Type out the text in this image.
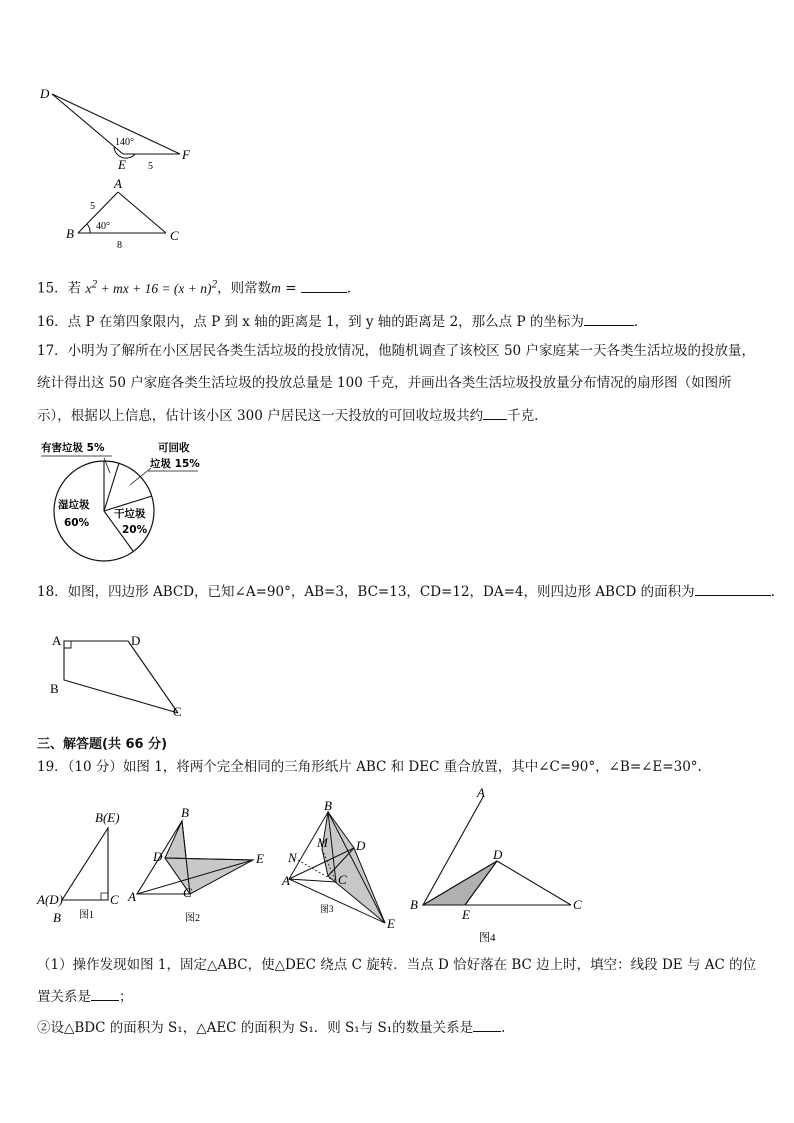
D
E
F
140°
5
A
B	C
40°
5
8
15．若 $x^2$ + mx + $16 = (x + n)^2$，则常数m =	．
16．点 P 在第四象限内，点 P 到 x 轴的距离是 1，到 y 轴的距离是 2，那么点 P 的坐标为	．
17．小明为了解所在小区居民各类生活垃圾的投放情况，他随机调查了该校区 50 户家庭某一天各类生活垃圾的投放量，
统计得出这 50 户家庭各类生活垃圾的投放总量是 100 千克，并画出各类生活垃圾投放量分布情况的扇形图（如图所
示），根据以上信息，估计该小区 300 户居民这一天投放的可回收垃圾共约 千克.
有害垃圾 5%	可回收
垃圾 15%
湿垃圾
60%
干垃圾
20%
18．如图，四边形 ABCD，已知∠A=90°，AB=3，BC=13，CD=12，DA=4，则四边形 ABCD 的面积为	.
A	D
B
C
三、解答题(共 66 分)
19．（10 分）如图 1，将两个完全相同的三角形纸片 ABC 和 DEC 重合放置，其中∠C=90°，∠B=∠E=30°.
B(E)
A(D)	C
B 图1
B
D	E
A	C
图2
B
M D
N
A	C
E
图3
A
D
B
E
C
图4
（1）操作发现如图 1，固定△ABC，使△DEC 绕点 C 旋转．当点 D 恰好落在 BC 边上时，填空：线段 DE 与 AC 的位
置关系是 ；
②设△BDC 的面积为 S₁，△AEC 的面积为 S₁．则 S₁与 S₁的数量关系是 .
